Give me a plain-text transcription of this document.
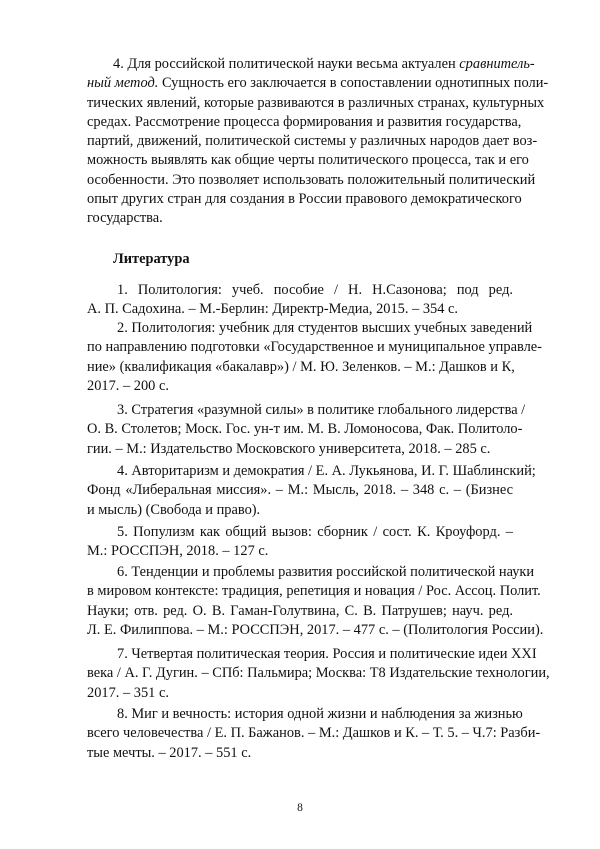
4. Для российской политической науки весьма актуален сравнитель-
ный метод. Сущность его заключается в сопоставлении однотипных поли-
тических явлений, которые развиваются в различных странах, культурных
средах. Рассмотрение процесса формирования и развития государства,
партий, движений, политической системы у различных народов дает воз-
можность выявлять как общие черты политического процесса, так и его
особенности. Это позволяет использовать положительный политический
опыт других стран для создания в России правового демократического
государства.
Литература
1. Политология: учеб. пособие / Н. Н.Сазонова; под ред.
А. П. Садохина. – М.-Берлин: Директр-Медиа, 2015. – 354 с.
2. Политология: учебник для студентов высших учебных заведений
по направлению подготовки «Государственное и муниципальное управле-
ние» (квалификация «бакалавр») / М. Ю. Зеленков. – М.: Дашков и К,
2017. – 200 с.
3. Стратегия «разумной силы» в политике глобального лидерства /
О. В. Столетов; Моск. Гос. ун-т им. М. В. Ломоносова, Фак. Политоло-
гии. – М.: Издательство Московского университета, 2018. – 285 с.
4. Авторитаризм и демократия / Е. А. Лукьянова, И. Г. Шаблинский;
Фонд «Либеральная миссия». – М.: Мысль, 2018. – 348 с. – (Бизнес
и мысль) (Свобода и право).
5. Популизм как общий вызов: сборник / сост. К. Кроуфорд. –
М.: РОССПЭН, 2018. – 127 с.
6. Тенденции и проблемы развития российской политической науки
в мировом контексте: традиция, репетиция и новация / Рос. Ассоц. Полит.
Науки; отв. ред. О. В. Гаман-Голутвина, С. В. Патрушев; науч. ред.
Л. Е. Филиппова. – М.: РОССПЭН, 2017. – 477 с. – (Политология России).
7. Четвертая политическая теория. Россия и политические идеи XXI
века / А. Г. Дугин. – СПб: Пальмира; Москва: Т8 Издательские технологии,
2017. – 351 с.
8. Миг и вечность: история одной жизни и наблюдения за жизнью
всего человечества / Е. П. Бажанов. – М.: Дашков и К. – Т. 5. – Ч.7: Разби-
тые мечты. – 2017. – 551 с.
8
